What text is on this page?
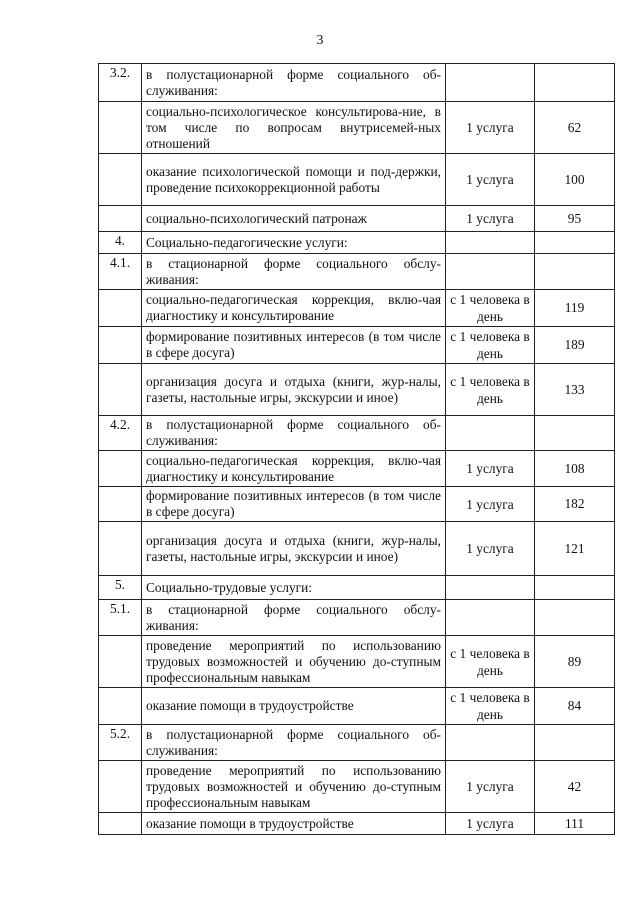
3
3.2.	в полустационарной форме социального об-служивания:		
	социально-психологическое консультирова-ние, в том числе по вопросам внутрисемей-ных отношений	1 услуга	62
	оказание психологической помощи и под-держки, проведение психокоррекционной работы	1 услуга	100
	социально-психологический патронаж	1 услуга	95
4.	Социально-педагогические услуги:		
4.1.	в стационарной форме социального обслу-живания:		
	социально-педагогическая коррекция, вклю-чая диагностику и консультирование	с 1 человека в день	119
	формирование позитивных интересов (в том числе в сфере досуга)	с 1 человека в день	189
	организация досуга и отдыха (книги, жур-налы, газеты, настольные игры, экскурсии и иное)	с 1 человека в день	133
4.2.	в полустационарной форме социального об-служивания:		
	социально-педагогическая коррекция, вклю-чая диагностику и консультирование	1 услуга	108
	формирование позитивных интересов (в том числе в сфере досуга)	1 услуга	182
	организация досуга и отдыха (книги, жур-налы, газеты, настольные игры, экскурсии и иное)	1 услуга	121
5.	Социально-трудовые услуги:		
5.1.	в стационарной форме социального обслу-живания:		
	проведение мероприятий по использованию трудовых возможностей и обучению до-ступным профессиональным навыкам	с 1 человека в день	89
	оказание помощи в трудоустройстве	с 1 человека в день	84
5.2.	в полустационарной форме социального об-служивания:		
	проведение мероприятий по использованию трудовых возможностей и обучению до-ступным профессиональным навыкам	1 услуга	42
	оказание помощи в трудоустройстве	1 услуга	111
